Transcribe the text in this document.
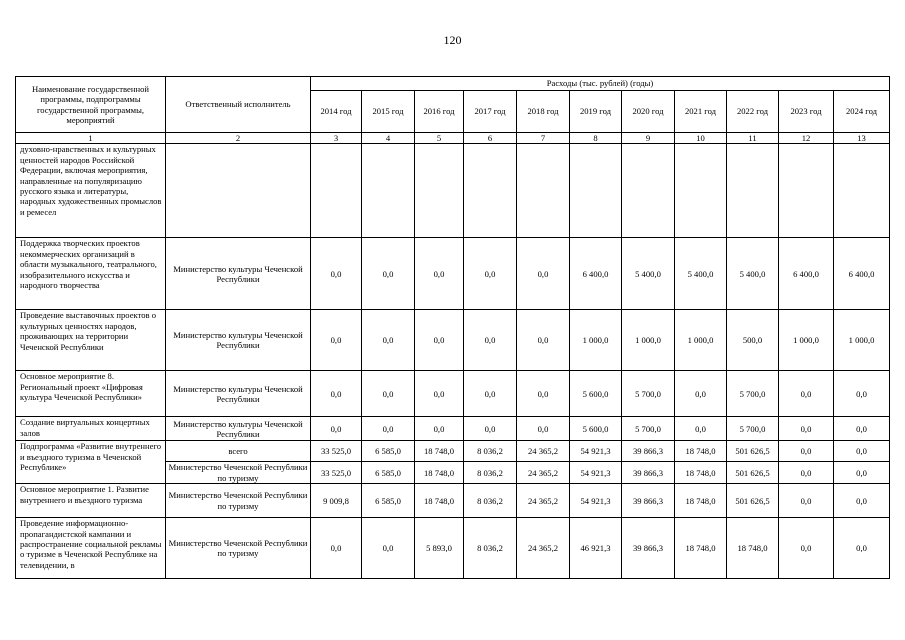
120
Наименование государственной программы, подпрограммы государственной программы, мероприятий	Ответственный исполнитель	Расходы (тыс. рублей) (годы)										
		2014 год	2015 год	2016 год	2017 год	2018 год	2019 год	2020 год	2021 год	2022 год	2023 год	2024 год
1	2	3	4	5	6	7	8	9	10	11	12	13
духовно-нравственных и культурных ценностей народов Российской Федерации, включая мероприятия, направленные на популяризацию русского языка и литературы, народных художественных промыслов и ремесел												
Поддержка творческих проектов некоммерческих организаций в области музыкального, театрального, изобразительного искусства и народного творчества	Министерство культуры Чеченской Республики	0,0	0,0	0,0	0,0	0,0	6 400,0	5 400,0	5 400,0	5 400,0	6 400,0	6 400,0
Проведение выставочных проектов о культурных ценностях народов, проживающих на территории Чеченской Республики	Министерство культуры Чеченской Республики	0,0	0,0	0,0	0,0	0,0	1 000,0	1 000,0	1 000,0	500,0	1 000,0	1 000,0
Основное мероприятие 8. Региональный проект «Цифровая культура Чеченской Республики»	Министерство культуры Чеченской Республики	0,0	0,0	0,0	0,0	0,0	5 600,0	5 700,0	0,0	5 700,0	0,0	0,0
Создание виртуальных концертных залов	Министерство культуры Чеченской Республики	0,0	0,0	0,0	0,0	0,0	5 600,0	5 700,0	0,0	5 700,0	0,0	0,0
Подпрограмма «Развитие внутреннего и въездного туризма в Чеченской Республике»	всего	33 525,0	6 585,0	18 748,0	8 036,2	24 365,2	54 921,3	39 866,3	18 748,0	501 626,5	0,0	0,0
	Министерство Чеченской Республики по туризму	33 525,0	6 585,0	18 748,0	8 036,2	24 365,2	54 921,3	39 866,3	18 748,0	501 626,5	0,0	0,0
Основное мероприятие 1. Развитие внутреннего и въездного туризма	Министерство Чеченской Республики по туризму	9 009,8	6 585,0	18 748,0	8 036,2	24 365,2	54 921,3	39 866,3	18 748,0	501 626,5	0,0	0,0
Проведение информационно-пропагандистской кампании и распространение социальной рекламы о туризме в Чеченской Республике на телевидении, в	Министерство Чеченской Республики по туризму	0,0	0,0	5 893,0	8 036,2	24 365,2	46 921,3	39 866,3	18 748,0	18 748,0	0,0	0,0
